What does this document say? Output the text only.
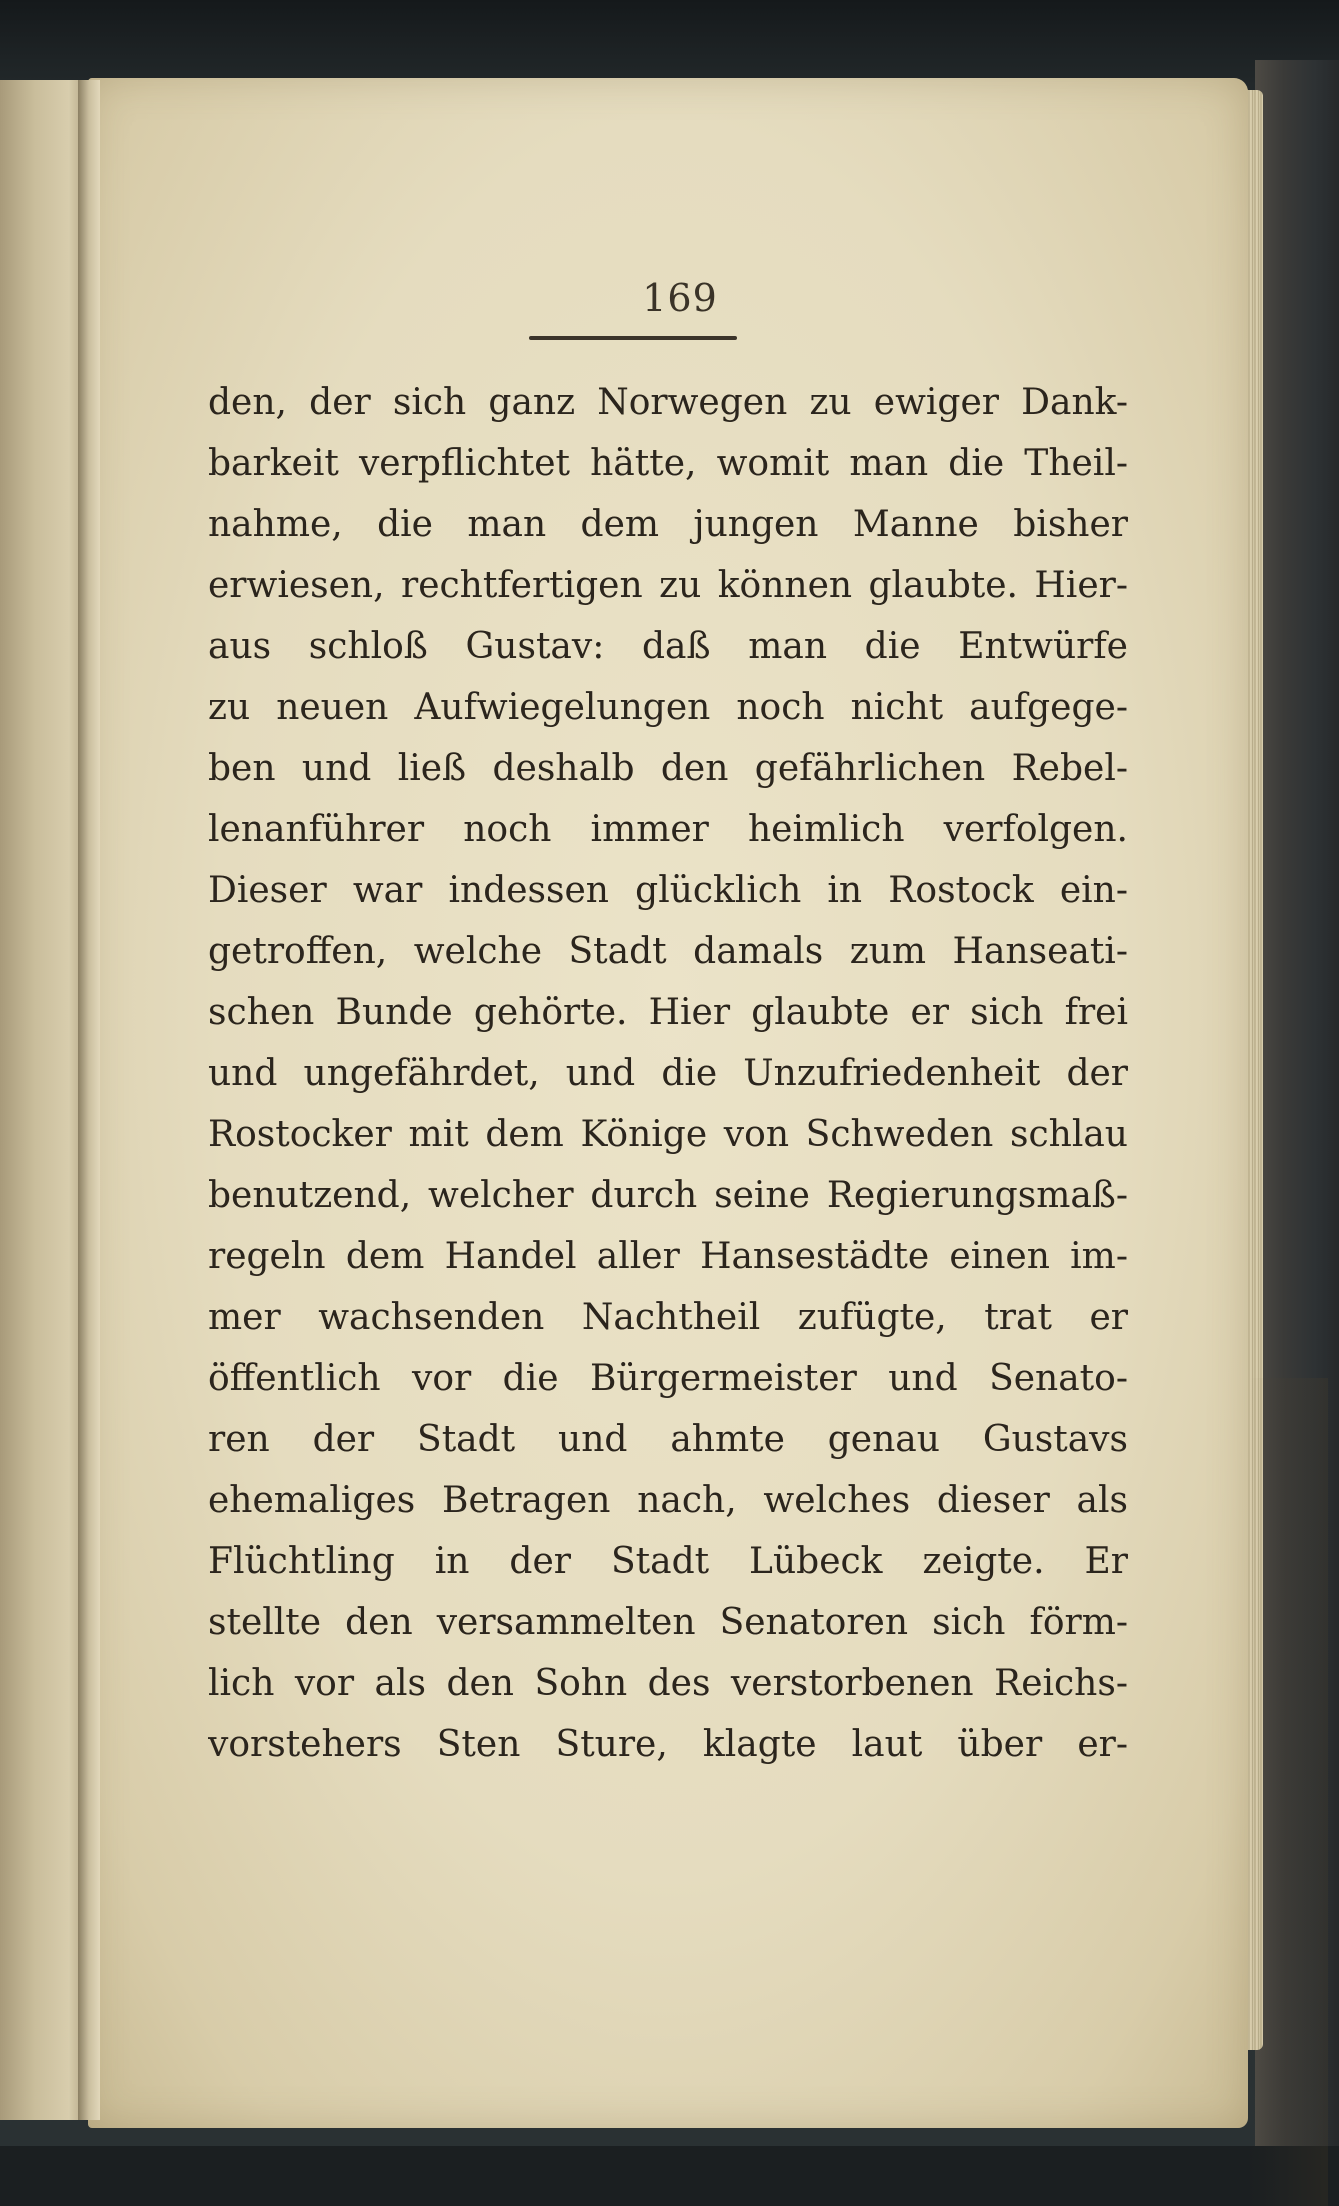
169
den, der sich ganz Norwegen zu ewiger Dank-
barkeit verpflichtet hätte, womit man die Theil-
nahme, die man dem jungen Manne bisher
erwiesen, rechtfertigen zu können glaubte. Hier-
aus schloß Gustav: daß man die Entwürfe
zu neuen Aufwiegelungen noch nicht aufgege-
ben und ließ deshalb den gefährlichen Rebel-
lenanführer noch immer heimlich verfolgen.
Dieser war indessen glücklich in Rostock ein-
getroffen, welche Stadt damals zum Hanseati-
schen Bunde gehörte. Hier glaubte er sich frei
und ungefährdet, und die Unzufriedenheit der
Rostocker mit dem Könige von Schweden schlau
benutzend, welcher durch seine Regierungsmaß-
regeln dem Handel aller Hansestädte einen im-
mer wachsenden Nachtheil zufügte, trat er
öffentlich vor die Bürgermeister und Senato-
ren der Stadt und ahmte genau Gustavs
ehemaliges Betragen nach, welches dieser als
Flüchtling in der Stadt Lübeck zeigte. Er
stellte den versammelten Senatoren sich förm-
lich vor als den Sohn des verstorbenen Reichs-
vorstehers Sten Sture, klagte laut über er-
